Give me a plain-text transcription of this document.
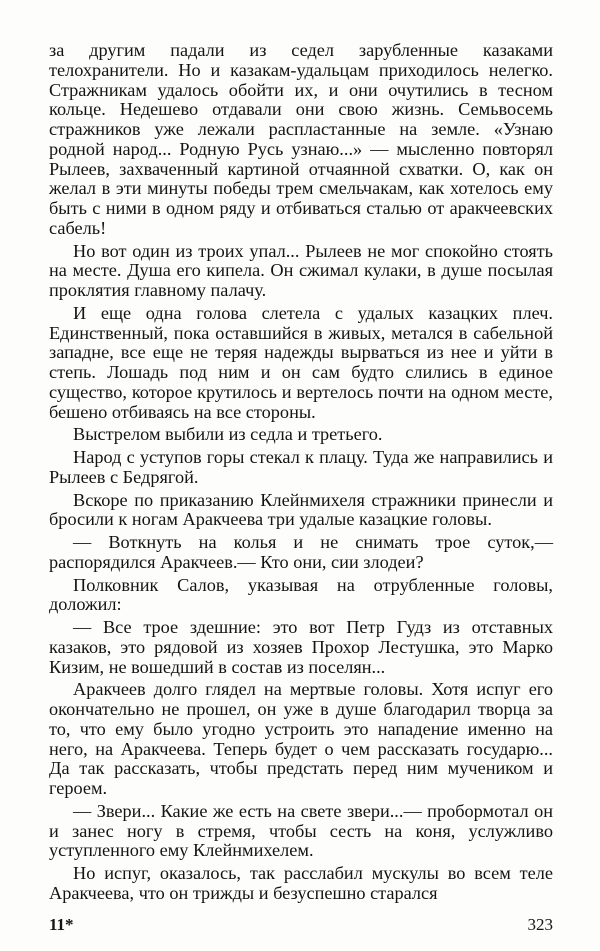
за другим падали из седел зарубленные казаками телохранители. Но и казакам-удальцам приходилось нелегко. Стражникам удалось обойти их, и они очутились в тесном кольце. Недешево отдавали они свою жизнь. Семьвосемь стражников уже лежали распластанные на земле. «Узнаю родной народ... Родную Русь узнаю...» — мысленно повторял Рылеев, захваченный картиной отчаянной схватки. О, как он желал в эти минуты победы трем смельчакам, как хотелось ему быть с ними в одном ряду и отбиваться сталью от аракчеевских сабель!

Но вот один из троих упал... Рылеев не мог спокойно стоять на месте. Душа его кипела. Он сжимал кулаки, в душе посылая проклятия главному палачу.

И еще одна голова слетела с удалых казацких плеч. Единственный, пока оставшийся в живых, метался в сабельной западне, все еще не теряя надежды вырваться из нее и уйти в степь. Лошадь под ним и он сам будто слились в единое существо, которое крутилось и вертелось почти на одном месте, бешено отбиваясь на все стороны.

Выстрелом выбили из седла и третьего.

Народ с уступов горы стекал к плацу. Туда же направились и Рылеев с Бедрягой.

Вскоре по приказанию Клейнмихеля стражники принесли и бросили к ногам Аракчеева три удалые казацкие головы.

— Воткнуть на колья и не снимать трое суток,— распорядился Аракчеев.— Кто они, сии злодеи?

Полковник Салов, указывая на отрубленные головы, доложил:

— Все трое здешние: это вот Петр Гудз из отставных казаков, это рядовой из хозяев Прохор Лестушка, это Марко Кизим, не вошедший в состав из поселян...

Аракчеев долго глядел на мертвые головы. Хотя испуг его окончательно не прошел, он уже в душе благодарил творца за то, что ему было угодно устроить это нападение именно на него, на Аракчеева. Теперь будет о чем рассказать государю... Да так рассказать, чтобы предстать перед ним мучеником и героем.

— Звери... Какие же есть на свете звери...— пробормотал он и занес ногу в стремя, чтобы сесть на коня, услужливо уступленного ему Клейнмихелем.

Но испуг, оказалось, так расслабил мускулы во всем теле Аракчеева, что он трижды и безуспешно старался

11*	323
